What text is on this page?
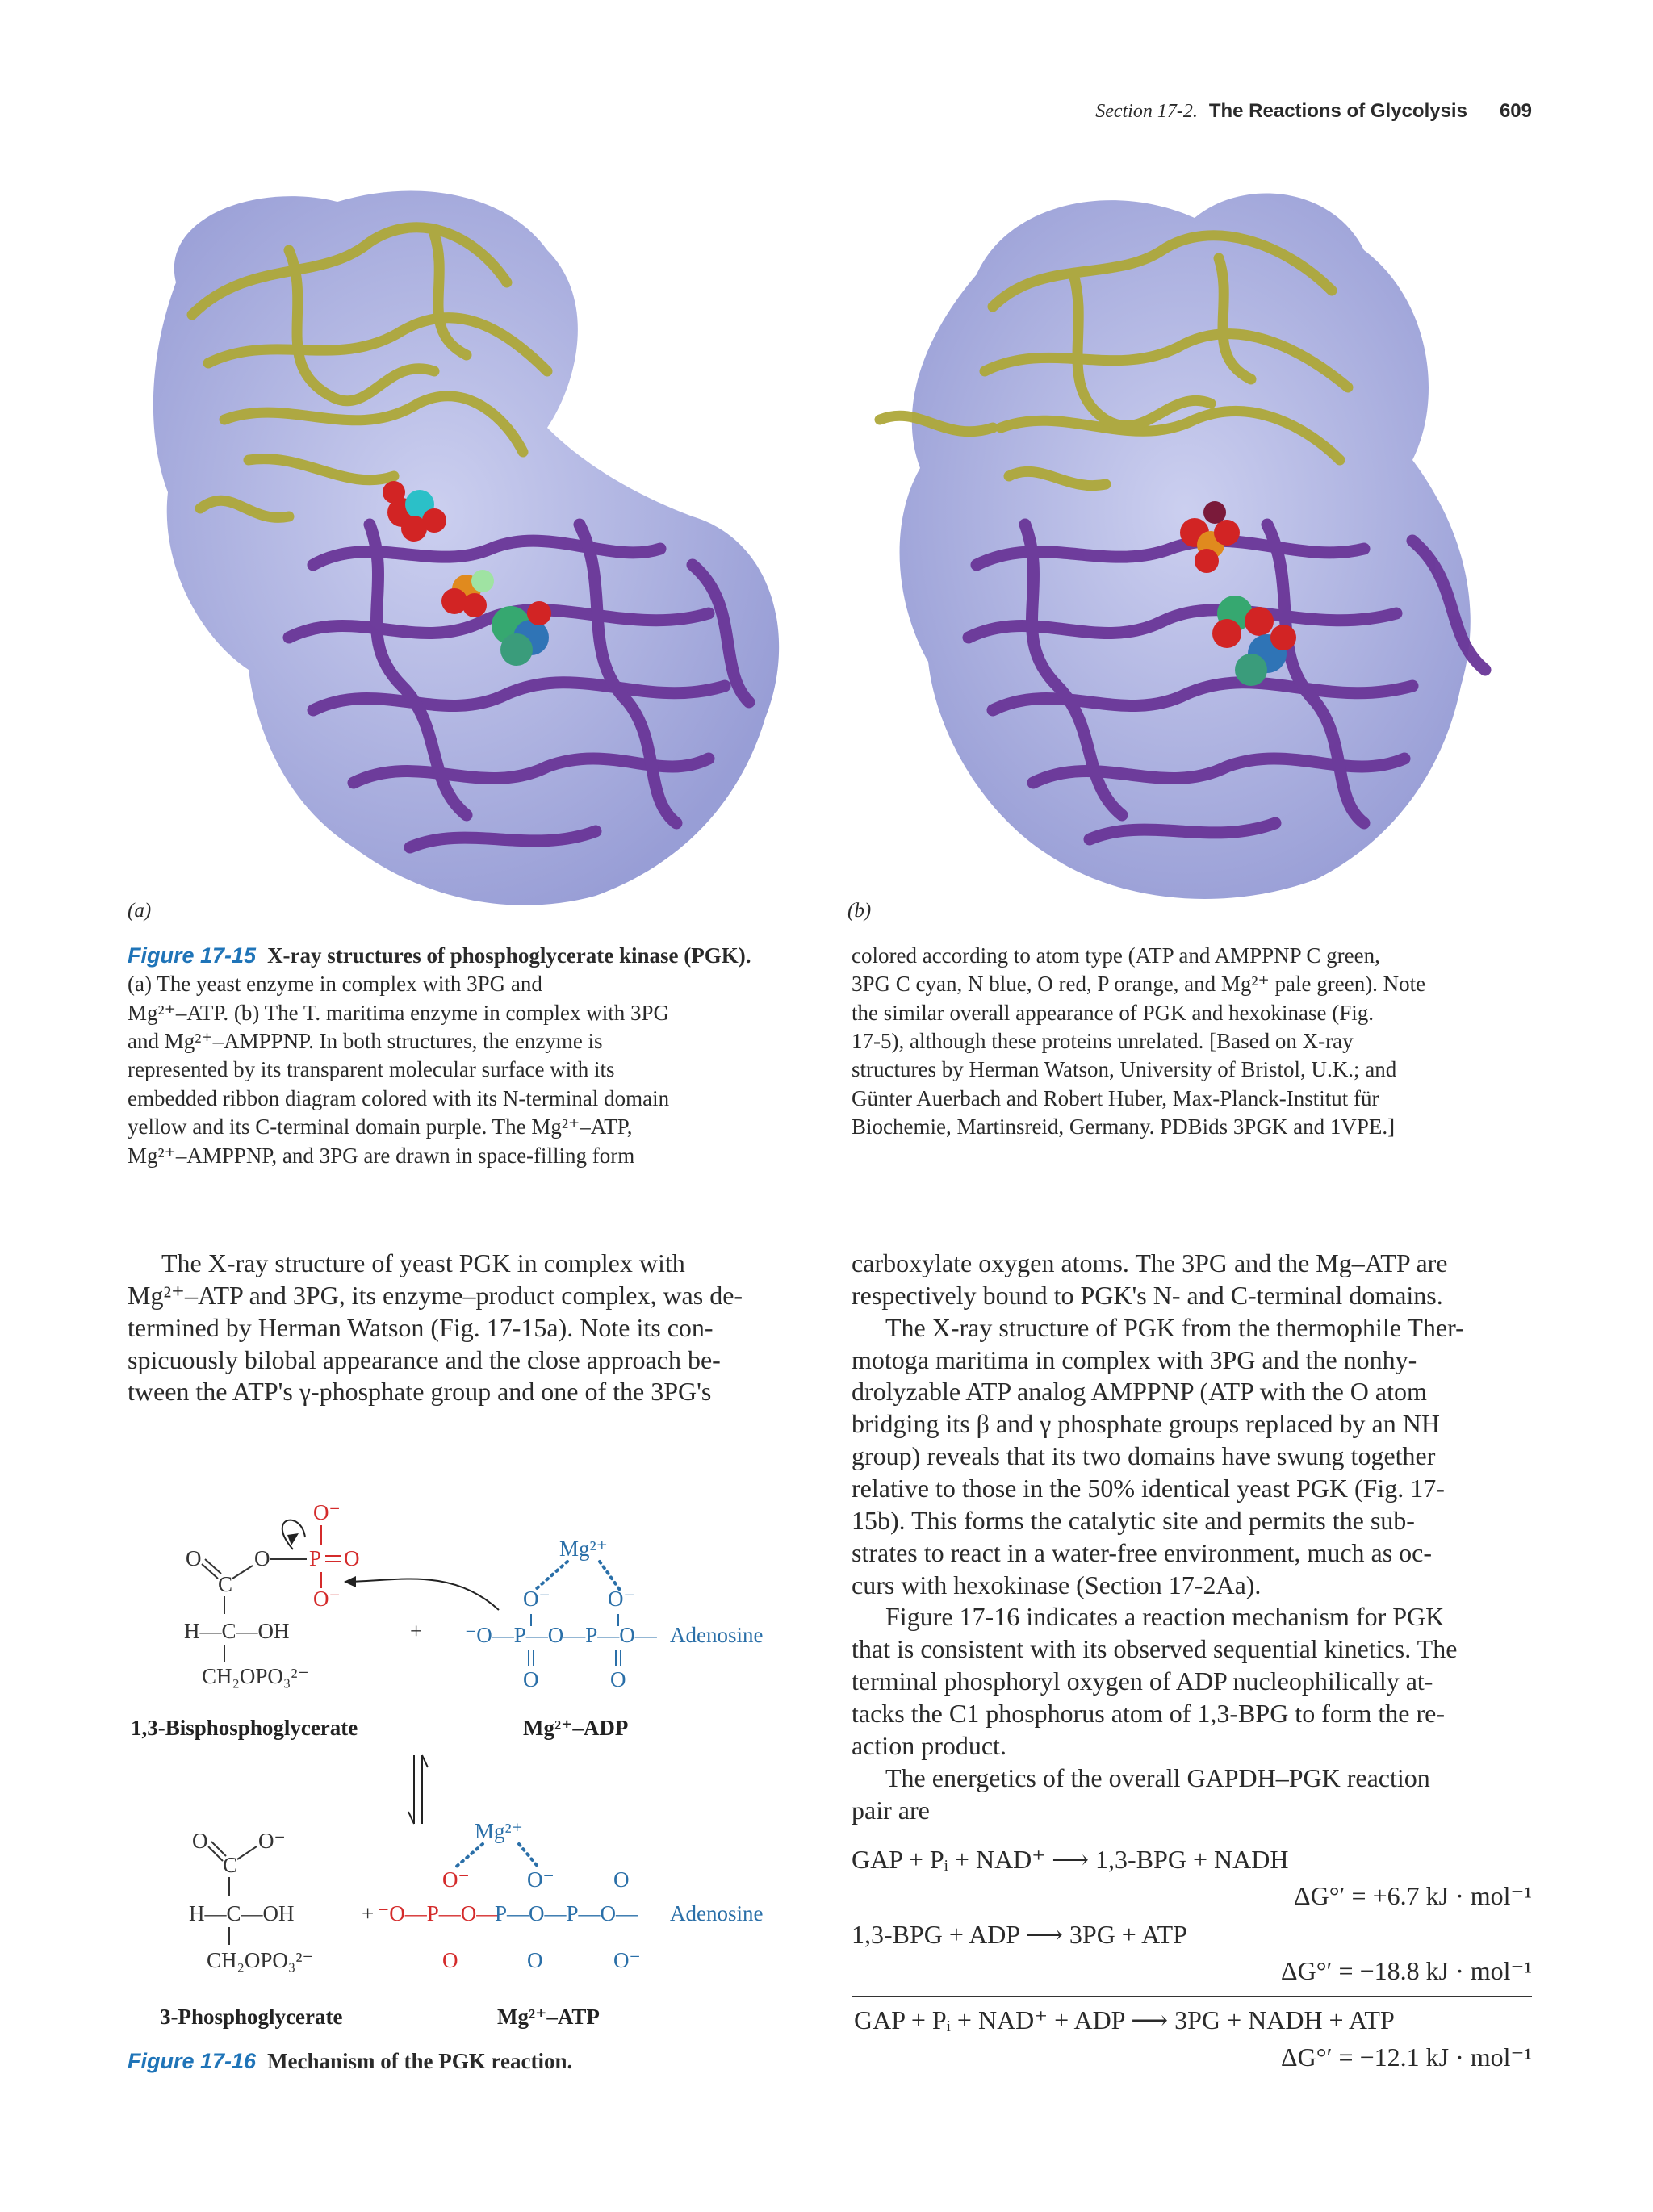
Section 17-2. The Reactions of Glycolysis 609
(a)	(b)
Figure 17-15 X-ray structures of phosphoglycerate kinase (PGK).
(a) The yeast enzyme in complex with 3PG and
Mg²⁺–ATP. (b) The T. maritima enzyme in complex with 3PG
and Mg²⁺–AMPPNP. In both structures, the enzyme is
represented by its transparent molecular surface with its
embedded ribbon diagram colored with its N-terminal domain
yellow and its C-terminal domain purple. The Mg²⁺–ATP,
Mg²⁺–AMPPNP, and 3PG are drawn in space-filling form
colored according to atom type (ATP and AMPPNP C green,
3PG C cyan, N blue, O red, P orange, and Mg²⁺ pale green). Note
the similar overall appearance of PGK and hexokinase (Fig.
17-5), although these proteins unrelated. [Based on X-ray
structures by Herman Watson, University of Bristol, U.K.; and
Günter Auerbach and Robert Huber, Max-Planck-Institut für
Biochemie, Martinsreid, Germany. PDBids 3PGK and 1VPE.]
The X-ray structure of yeast PGK in complex with
Mg²⁺–ATP and 3PG, its enzyme–product complex, was de-
termined by Herman Watson (Fig. 17-15a). Note its con-
spicuously bilobal appearance and the close approach be-
tween the ATP's γ-phosphate group and one of the 3PG's
O⁻
O
C
O P O
O⁻
H—C—OH
CH₂OPO₃²⁻
+
Mg²⁺
O⁻	O⁻
⁻O—P—O—P—O— Adenosine
O	O
1,3-Bisphosphoglycerate	Mg²⁺–ADP
O
C
O⁻
H—C—OH
CH₂OPO₃²⁻
+
Mg²⁺
O⁻	O⁻	O
⁻O—P—O—
P—O—P—O— Adenosine
O	O	O⁻
3-Phosphoglycerate	Mg²⁺–ATP
Figure 17-16 Mechanism of the PGK reaction.
carboxylate oxygen atoms. The 3PG and the Mg–ATP are
respectively bound to PGK's N- and C-terminal domains.
The X-ray structure of PGK from the thermophile Ther-
motoga maritima in complex with 3PG and the nonhy-
drolyzable ATP analog AMPPNP (ATP with the O atom
bridging its β and γ phosphate groups replaced by an NH
group) reveals that its two domains have swung together
relative to those in the 50% identical yeast PGK (Fig. 17-
15b). This forms the catalytic site and permits the sub-
strates to react in a water-free environment, much as oc-
curs with hexokinase (Section 17-2Aa).
Figure 17-16 indicates a reaction mechanism for PGK
that is consistent with its observed sequential kinetics. The
terminal phosphoryl oxygen of ADP nucleophilically at-
tacks the C1 phosphorus atom of 1,3-BPG to form the re-
action product.
The energetics of the overall GAPDH–PGK reaction
pair are
GAP + Pᵢ + NAD⁺ ⟶ 1,3-BPG + NADH
ΔG°′ = +6.7 kJ · mol⁻¹
1,3-BPG + ADP ⟶ 3PG + ATP
ΔG°′ = −18.8 kJ · mol⁻¹
GAP + Pᵢ + NAD⁺ + ADP ⟶ 3PG + NADH + ATP
ΔG°′ = −12.1 kJ · mol⁻¹
